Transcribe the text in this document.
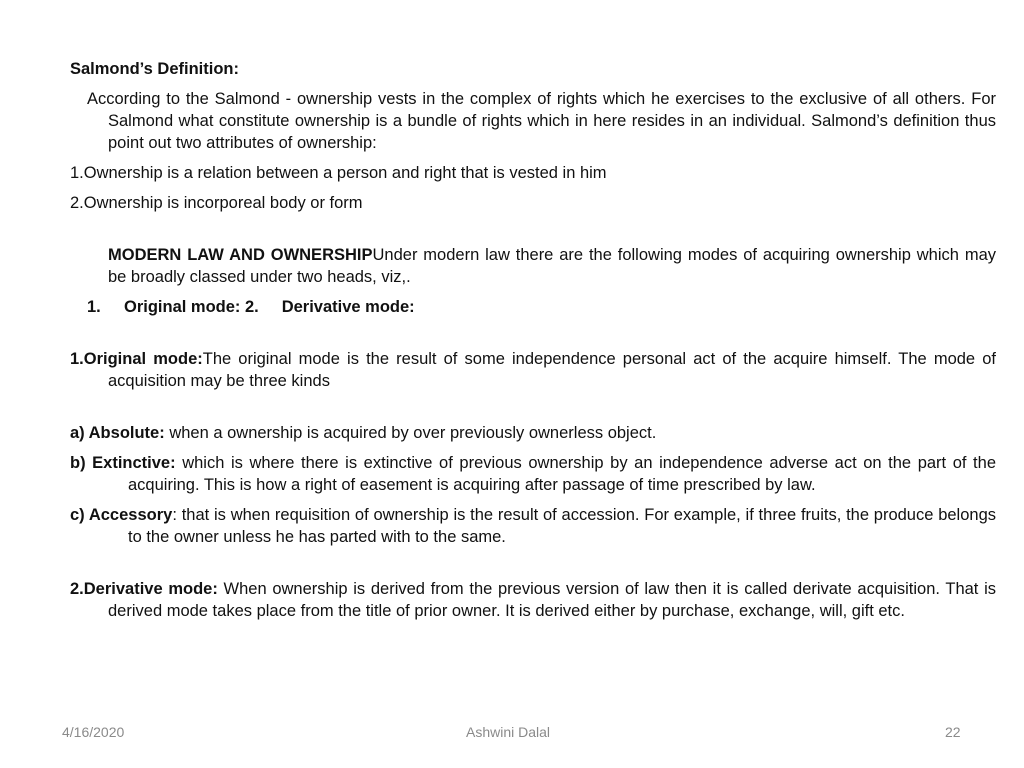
Salmond’s Definition:

According to the Salmond - ownership vests in the complex of rights which he exercises to the exclusive of all others. For Salmond what constitute ownership is a bundle of rights which in here resides in an individual. Salmond’s definition thus point out two attributes of ownership:

1.Ownership is a relation between a person and right that is vested in him

2.Ownership is incorporeal body or form

MODERN LAW AND OWNERSHIPUnder modern law there are the following modes of acquiring ownership which may be broadly classed under two heads, viz,.

1. Original mode: 2.     Derivative mode:

1.Original mode:The original mode is the result of some independence personal act of the acquire himself. The mode of acquisition may be three kinds

a) Absolute: when a ownership is acquired by over previously ownerless object.

b) Extinctive: which is where there is extinctive of previous ownership by an independence adverse act on the part of the acquiring. This is how a right of easement is acquiring after passage of time prescribed by law.

c) Accessory: that is when requisition of ownership is the result of accession. For example, if three fruits, the produce belongs to the owner unless he has parted with to the same.

2.Derivative mode: When ownership is derived from the previous version of law then it is called derivate acquisition. That is derived mode takes place from the title of prior owner. It is derived either by purchase, exchange, will, gift etc.

4/16/2020	Ashwini Dalal	22
